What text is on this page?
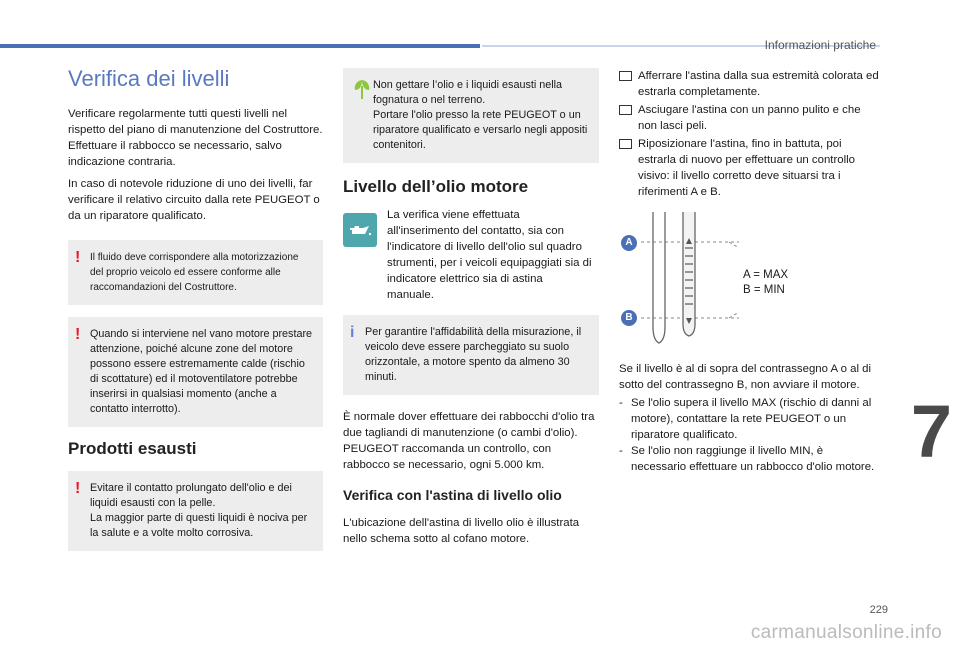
Informazioni pratiche
7
229
carmanualsonline.info
Verifica dei livelli

Verificare regolarmente tutti questi livelli nel rispetto del piano di manutenzione del Costruttore. Effettuare il rabbocco se necessario, salvo indicazione contraria.

In caso di notevole riduzione di uno dei livelli, far verificare il relativo circuito dalla rete PEUGEOT o da un riparatore qualificato.

! Il fluido deve corrispondere alla motorizzazione del proprio veicolo ed essere conforme alle raccomandazioni del Costruttore.
! Quando si interviene nel vano motore prestare attenzione, poiché alcune zone del motore possono essere estremamente calde (rischio di scottature) ed il motoventilatore potrebbe inserirsi in qualsiasi momento (anche a contatto interrotto).
Prodotti esausti
! Evitare il contatto prolungato dell'olio e dei liquidi esausti con la pelle.
La maggior parte di questi liquidi è nociva per la salute e a volte molto corrosiva.
Non gettare l’olio e i liquidi esausti nella fognatura o nel terreno.
Portare l'olio presso la rete PEUGEOT o un riparatore qualificato e versarlo negli appositi contenitori.
Livello dell’olio motore

La verifica viene effettuata all'inserimento del contatto, sia con l'indicatore di livello dell'olio sul quadro strumenti, per i veicoli equipaggiati sia di indicatore elettrico sia di astina manuale.

i Per garantire l'affidabilità della misurazione, il veicolo deve essere parcheggiato su suolo orizzontale, a motore spento da almeno 30 minuti.

È normale dover effettuare dei rabbocchi d'olio tra due tagliandi di manutenzione (o cambi d'olio). PEUGEOT raccomanda un controllo, con rabbocco se necessario, ogni 5.000 km.

Verifica con l'astina di livello olio

L'ubicazione dell'astina di livello olio è illustrata nello schema sotto al cofano motore.

Afferrare l'astina dalla sua estremità colorata ed estrarla completamente.
Asciugare l'astina con un panno pulito e che non lasci peli.
Riposizionare l'astina, fino in battuta, poi estrarla di nuovo per effettuare un controllo visivo: il livello corretto deve situarsi tra i riferimenti A e B.
A
B
A = MAX
B = MIN

Se il livello è al di sopra del contrassegno A o al di sotto del contrassegno B, non avviare il motore.

- Se l'olio supera il livello MAX (rischio di danni al motore), contattare la rete PEUGEOT o un riparatore qualificato.
- Se l'olio non raggiunge il livello MIN, è necessario effettuare un rabbocco d'olio motore.
